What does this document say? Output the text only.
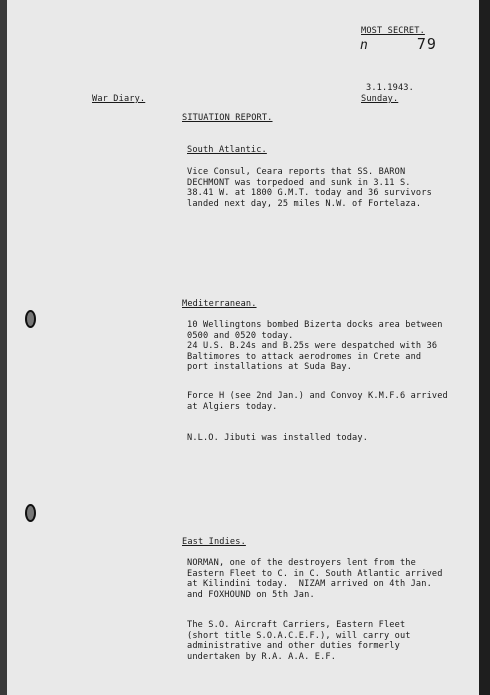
MOST SECRET.
n	79
3.1.1943.
Sunday.
War Diary.
SITUATION REPORT.
South Atlantic.
Vice Consul, Ceara reports that SS. BARON
DECHMONT was torpedoed and sunk in 3.11 S.
38.41 W. at 1800 G.M.T. today and 36 survivors
landed next day, 25 miles N.W. of Fortelaza.
Mediterranean.
10 Wellingtons bombed Bizerta docks area between
0500 and 0520 today.
24 U.S. B.24s and B.25s were despatched with 36
Baltimores to attack aerodromes in Crete and
port installations at Suda Bay.
Force H (see 2nd Jan.) and Convoy K.M.F.6 arrived
at Algiers today.
N.L.O. Jibuti was installed today.
East Indies.
NORMAN, one of the destroyers lent from the
Eastern Fleet to C. in C. South Atlantic arrived
at Kilindini today.  NIZAM arrived on 4th Jan.
and FOXHOUND on 5th Jan.
The S.O. Aircraft Carriers, Eastern Fleet
(short title S.O.A.C.E.F.), will carry out
administrative and other duties formerly
undertaken by R.A. A.A. E.F.
